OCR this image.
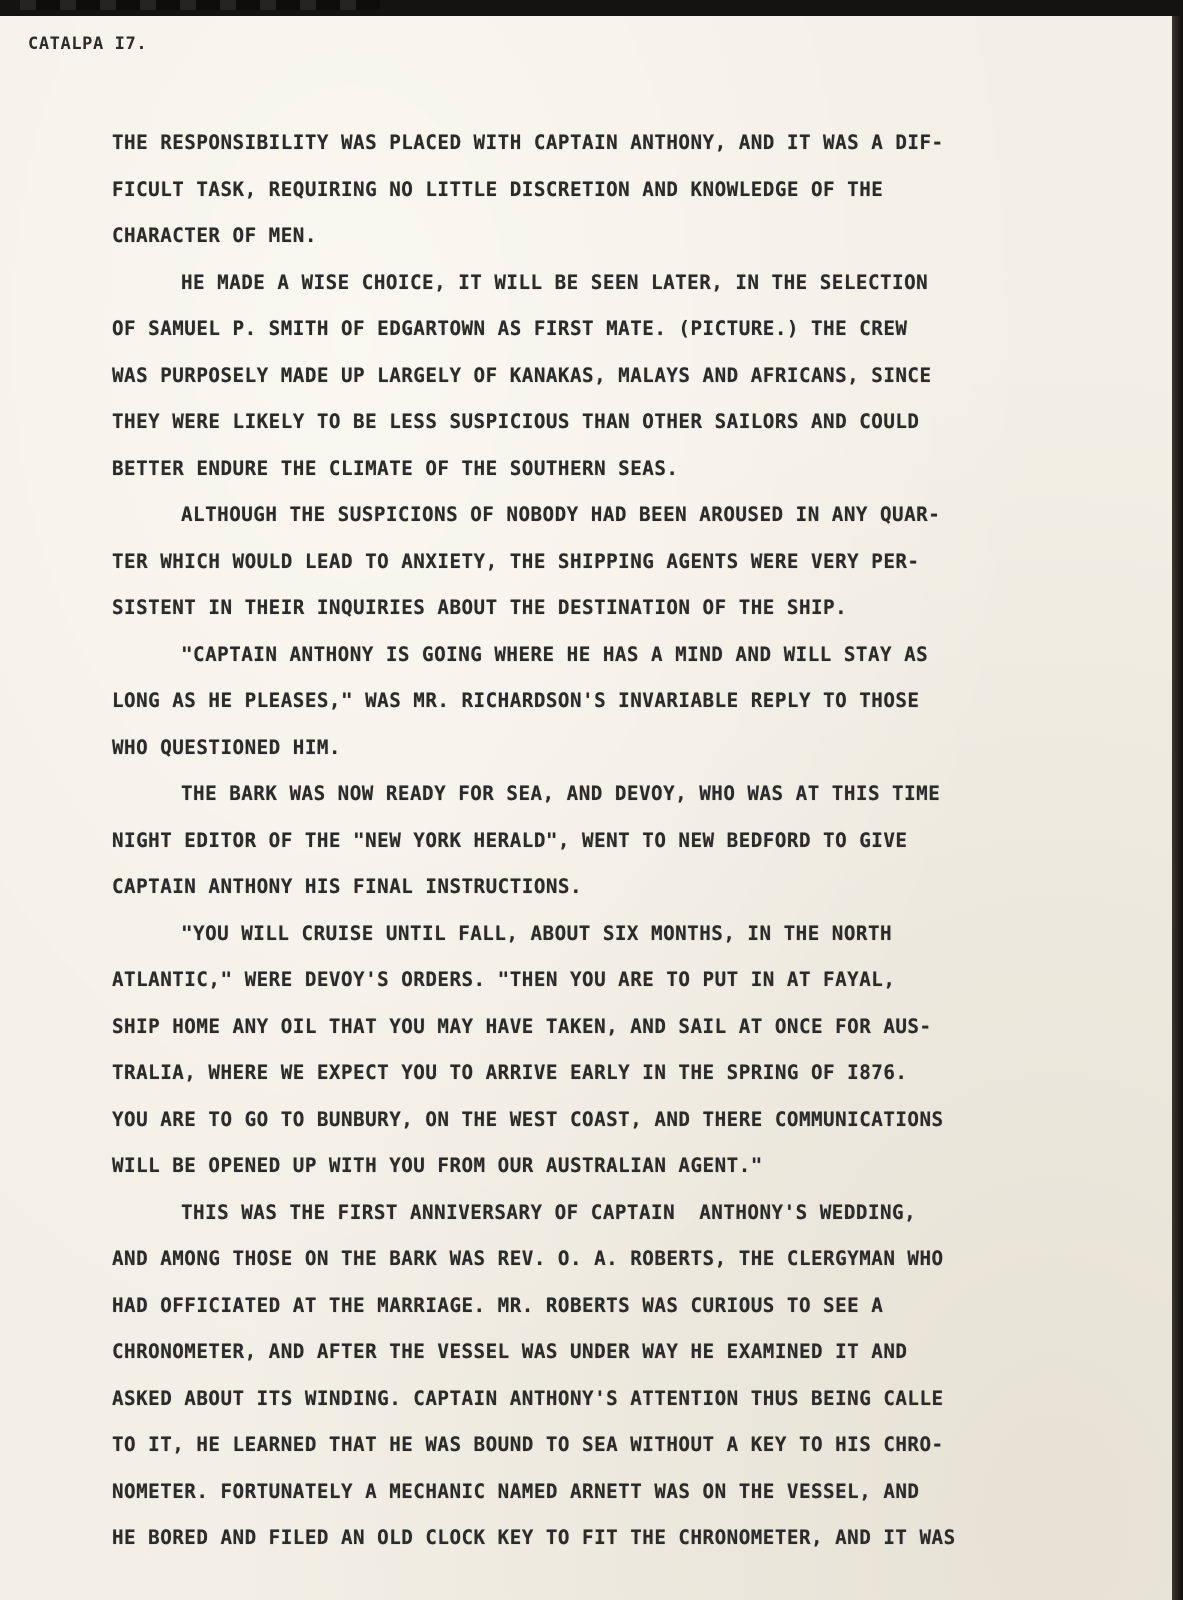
CATALPA I7.

THE RESPONSIBILITY WAS PLACED WITH CAPTAIN ANTHONY, AND IT WAS A DIF-
FICULT TASK, REQUIRING NO LITTLE DISCRETION AND KNOWLEDGE OF THE
CHARACTER OF MEN.
HE MADE A WISE CHOICE, IT WILL BE SEEN LATER, IN THE SELECTION
OF SAMUEL P. SMITH OF EDGARTOWN AS FIRST MATE. (PICTURE.) THE CREW
WAS PURPOSELY MADE UP LARGELY OF KANAKAS, MALAYS AND AFRICANS, SINCE
THEY WERE LIKELY TO BE LESS SUSPICIOUS THAN OTHER SAILORS AND COULD
BETTER ENDURE THE CLIMATE OF THE SOUTHERN SEAS.
ALTHOUGH THE SUSPICIONS OF NOBODY HAD BEEN AROUSED IN ANY QUAR-
TER WHICH WOULD LEAD TO ANXIETY, THE SHIPPING AGENTS WERE VERY PER-
SISTENT IN THEIR INQUIRIES ABOUT THE DESTINATION OF THE SHIP.
"CAPTAIN ANTHONY IS GOING WHERE HE HAS A MIND AND WILL STAY AS
LONG AS HE PLEASES," WAS MR. RICHARDSON'S INVARIABLE REPLY TO THOSE
WHO QUESTIONED HIM.
THE BARK WAS NOW READY FOR SEA, AND DEVOY, WHO WAS AT THIS TIME
NIGHT EDITOR OF THE "NEW YORK HERALD", WENT TO NEW BEDFORD TO GIVE
CAPTAIN ANTHONY HIS FINAL INSTRUCTIONS.
"YOU WILL CRUISE UNTIL FALL, ABOUT SIX MONTHS, IN THE NORTH
ATLANTIC," WERE DEVOY'S ORDERS. "THEN YOU ARE TO PUT IN AT FAYAL,
SHIP HOME ANY OIL THAT YOU MAY HAVE TAKEN, AND SAIL AT ONCE FOR AUS-
TRALIA, WHERE WE EXPECT YOU TO ARRIVE EARLY IN THE SPRING OF I876.
YOU ARE TO GO TO BUNBURY, ON THE WEST COAST, AND THERE COMMUNICATIONS
WILL BE OPENED UP WITH YOU FROM OUR AUSTRALIAN AGENT."
THIS WAS THE FIRST ANNIVERSARY OF CAPTAIN  ANTHONY'S WEDDING,
AND AMONG THOSE ON THE BARK WAS REV. O. A. ROBERTS, THE CLERGYMAN WHO
HAD OFFICIATED AT THE MARRIAGE. MR. ROBERTS WAS CURIOUS TO SEE A
CHRONOMETER, AND AFTER THE VESSEL WAS UNDER WAY HE EXAMINED IT AND
ASKED ABOUT ITS WINDING. CAPTAIN ANTHONY'S ATTENTION THUS BEING CALLE
TO IT, HE LEARNED THAT HE WAS BOUND TO SEA WITHOUT A KEY TO HIS CHRO-
NOMETER. FORTUNATELY A MECHANIC NAMED ARNETT WAS ON THE VESSEL, AND
HE BORED AND FILED AN OLD CLOCK KEY TO FIT THE CHRONOMETER, AND IT WAS
